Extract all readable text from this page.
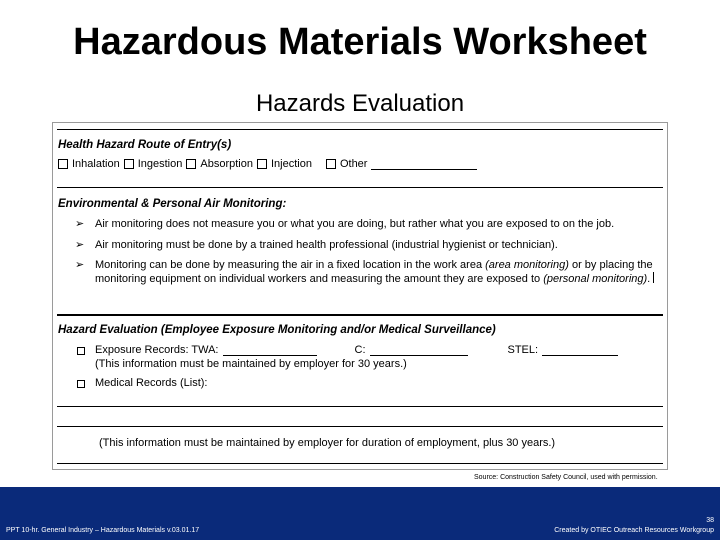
Hazardous Materials Worksheet
Hazards Evaluation
Health Hazard Route of Entry(s)
Inhalation Ingestion Absorption Injection	Other
Environmental & Personal Air Monitoring:
➢ Air monitoring does not measure you or what you are doing, but rather what you are exposed to on the job.
➢ Air monitoring must be done by a trained health professional (industrial hygienist or technician).
➢ Monitoring can be done by measuring the air in a fixed location in the work area (area monitoring) or by placing the monitoring equipment on individual workers and measuring the amount they are exposed to (personal monitoring).
Hazard Evaluation (Employee Exposure Monitoring and/or Medical Surveillance)
Exposure Records: TWA:	C:	STEL:
(This information must be maintained by employer for 30 years.)
Medical Records (List):
(This information must be maintained by employer for duration of employment, plus 30 years.)
Source: Construction Safety Council, used with permission.
PPT 10-hr. General Industry – Hazardous Materials v.03.01.17
38
Created by OTIEC Outreach Resources Workgroup
